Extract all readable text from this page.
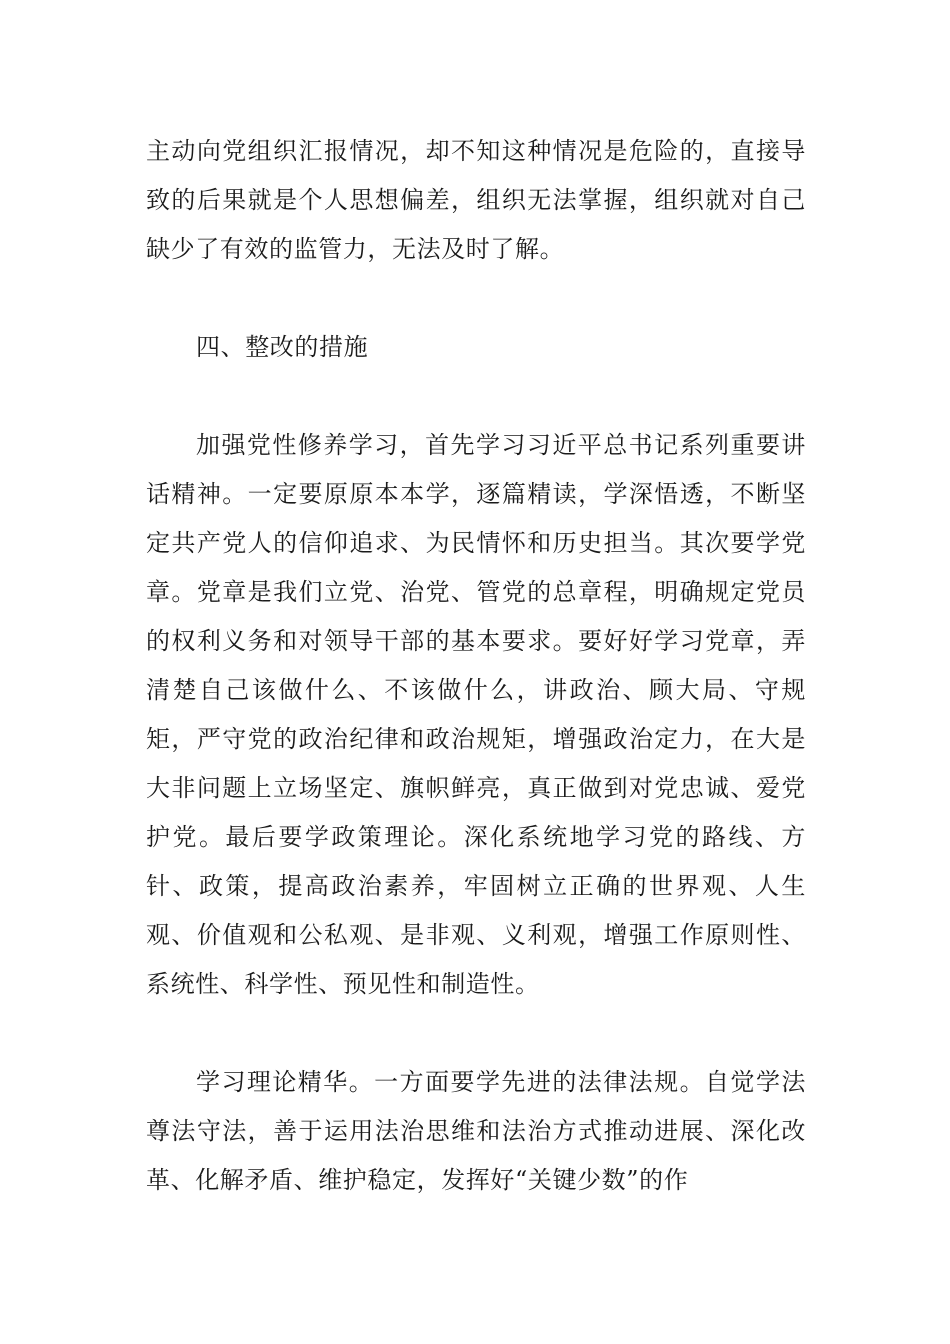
主动向党组织汇报情况，却不知这种情况是危险的，直接导致的后果就是个人思想偏差，组织无法掌握，组织就对自己缺少了有效的监管力，无法及时了解。

四、整改的措施

加强党性修养学习，首先学习习近平总书记系列重要讲话精神。一定要原原本本学，逐篇精读，学深悟透，不断坚定共产党人的信仰追求、为民情怀和历史担当。其次要学党章。党章是我们立党、治党、管党的总章程，明确规定党员的权利义务和对领导干部的基本要求。要好好学习党章，弄清楚自己该做什么、不该做什么，讲政治、顾大局、守规矩，严守党的政治纪律和政治规矩，增强政治定力，在大是大非问题上立场坚定、旗帜鲜亮，真正做到对党忠诚、爱党护党。最后要学政策理论。深化系统地学习党的路线、方针、政策，提高政治素养，牢固树立正确的世界观、人生观、价值观和公私观、是非观、义利观，增强工作原则性、系统性、科学性、预见性和制造性。

学习理论精华。一方面要学先进的法律法规。自觉学法尊法守法，善于运用法治思维和法治方式推动进展、深化改革、化解矛盾、维护稳定，发挥好“关键少数”的作
